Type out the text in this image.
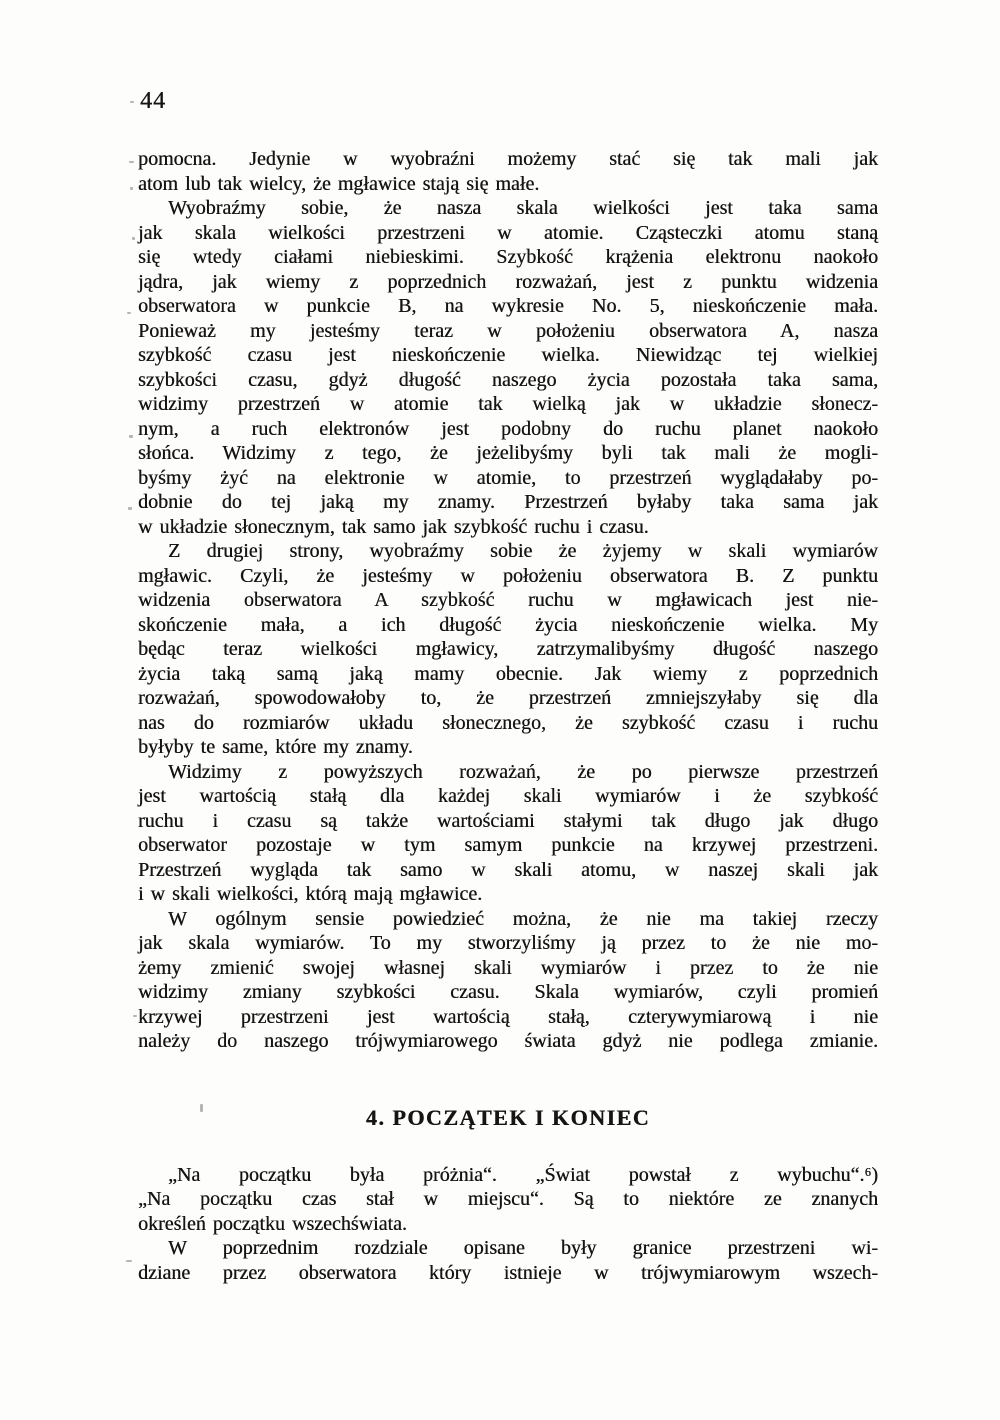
44
pomocna. Jedynie w wyobraźni możemy stać się tak mali jak
atom lub tak wielcy, że mgławice stają się małe.
Wyobraźmy sobie, że nasza skala wielkości jest taka sama
jak skala wielkości przestrzeni w atomie. Cząsteczki atomu staną
się wtedy ciałami niebieskimi. Szybkość krążenia elektronu naokoło
jądra, jak wiemy z poprzednich rozważań, jest z punktu widzenia
obserwatora w punkcie B, na wykresie No. 5, nieskończenie mała.
Ponieważ my jesteśmy teraz w położeniu obserwatora A, nasza
szybkość czasu jest nieskończenie wielka. Niewidząc tej wielkiej
szybkości czasu, gdyż długość naszego życia pozostała taka sama,
widzimy przestrzeń w atomie tak wielką jak w układzie słonecz-
nym, a ruch elektronów jest podobny do ruchu planet naokoło
słońca. Widzimy z tego, że jeżelibyśmy byli tak mali że mogli-
byśmy żyć na elektronie w atomie, to przestrzeń wyglądałaby po-
dobnie do tej jaką my znamy. Przestrzeń byłaby taka sama jak
w układzie słonecznym, tak samo jak szybkość ruchu i czasu.
Z drugiej strony, wyobraźmy sobie że żyjemy w skali wymiarów
mgławic. Czyli, że jesteśmy w położeniu obserwatora B. Z punktu
widzenia obserwatora A szybkość ruchu w mgławicach jest nie-
skończenie mała, a ich długość życia nieskończenie wielka. My
będąc teraz wielkości mgławicy, zatrzymalibyśmy długość naszego
życia taką samą jaką mamy obecnie. Jak wiemy z poprzednich
rozważań, spowodowałoby to, że przestrzeń zmniejszyłaby się dla
nas do rozmiarów układu słonecznego, że szybkość czasu i ruchu
byłyby te same, które my znamy.
Widzimy z powyższych rozważań, że po pierwsze przestrzeń
jest wartością stałą dla każdej skali wymiarów i że szybkość
ruchu i czasu są także wartościami stałymi tak długo jak długo
obserwator pozostaje w tym samym punkcie na krzywej przestrzeni.
Przestrzeń wygląda tak samo w skali atomu, w naszej skali jak
i w skali wielkości, którą mają mgławice.
W ogólnym sensie powiedzieć można, że nie ma takiej rzeczy
jak skala wymiarów. To my stworzyliśmy ją przez to że nie mo-
żemy zmienić swojej własnej skali wymiarów i przez to że nie
widzimy zmiany szybkości czasu. Skala wymiarów, czyli promień
krzywej przestrzeni jest wartością stałą, czterywymiarową i nie
należy do naszego trójwymiarowego świata gdyż nie podlega zmianie.
4. POCZĄTEK I KONIEC
„Na początku była próżnia“. „Świat powstał z wybuchu“.⁶)
„Na początku czas stał w miejscu“. Są to niektóre ze znanych
określeń początku wszechświata.
W poprzednim rozdziale opisane były granice przestrzeni wi-
dziane przez obserwatora który istnieje w trójwymiarowym wszech-
